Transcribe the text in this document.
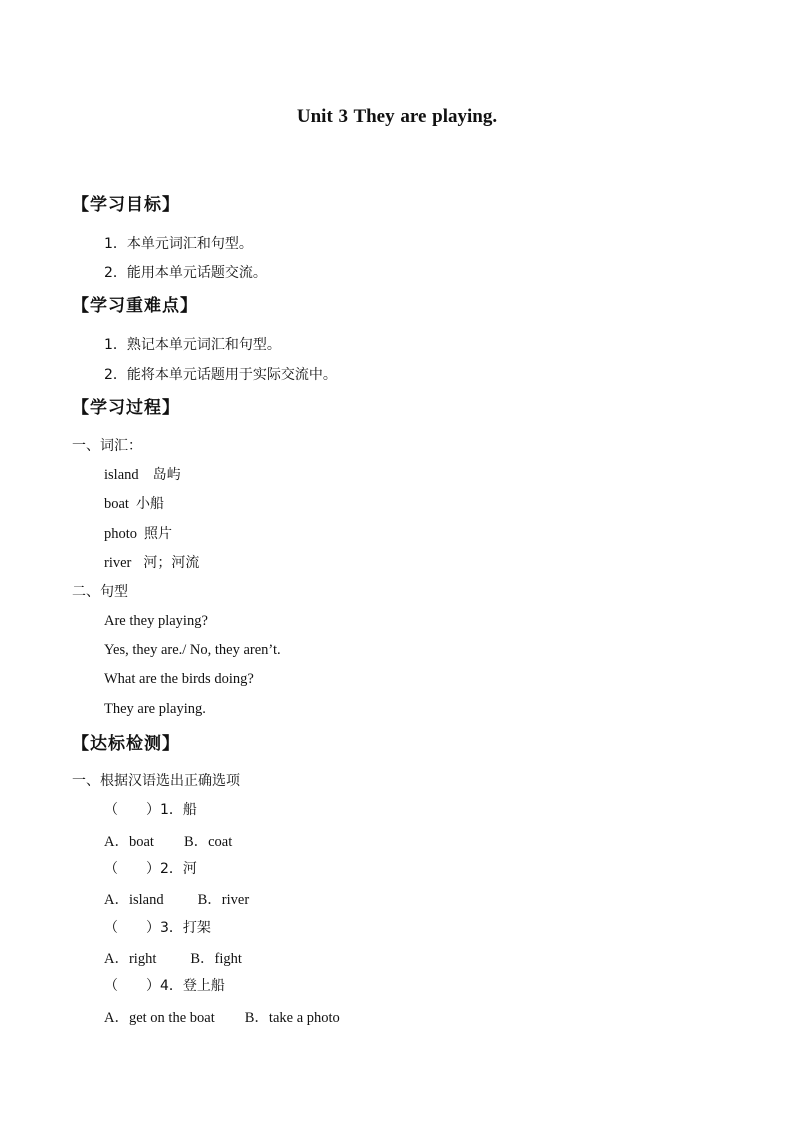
Unit 3 They are playing.
【学习目标】
1．本单元词汇和句型。
2．能用本单元话题交流。
【学习重难点】
1．熟记本单元词汇和句型。
2．能将本单元话题用于实际交流中。
【学习过程】
一、词汇：
island 岛屿
boat 小船
photo 照片
river 河；河流
二、句型
Are they playing?
Yes, they are./ No, they aren’t.
What are the birds doing?
They are playing.
【达标检测】
一、根据汉语选出正确选项
（　　）1．船
A．boat B．coat
（　　）2．河
A．island B．river
（　　）3．打架
A．right B．fight
（　　）4．登上船
A．get on the boat B．take a photo
